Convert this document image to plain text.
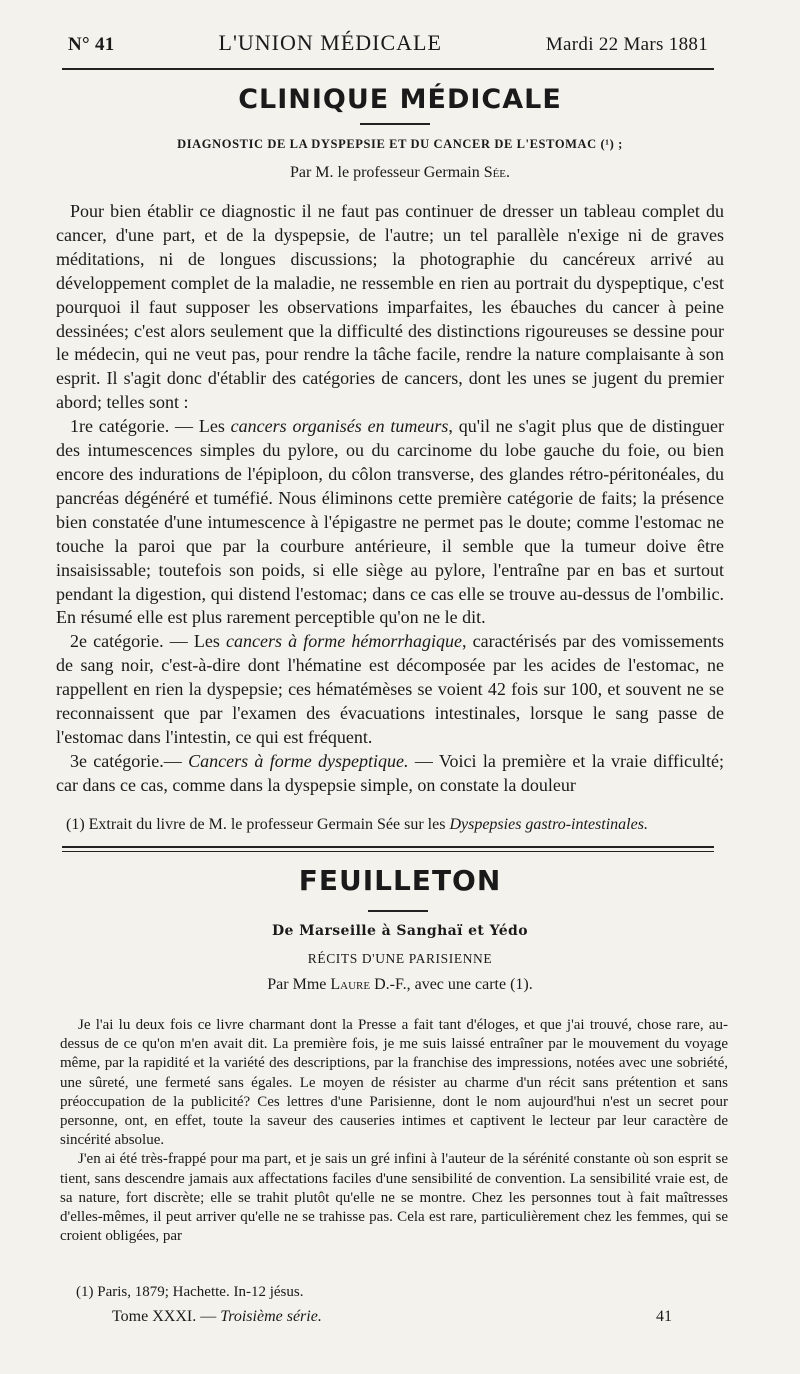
N° 41	L'UNION MÉDICALE	Mardi 22 Mars 1881
CLINIQUE MÉDICALE
DIAGNOSTIC DE LA DYSPEPSIE ET DU CANCER DE L'ESTOMAC (¹) ;
Par M. le professeur Germain Sée.

Pour bien établir ce diagnostic il ne faut pas continuer de dresser un tableau complet du cancer, d'une part, et de la dyspepsie, de l'autre; un tel parallèle n'exige ni de graves méditations, ni de longues discussions; la photographie du cancéreux arrivé au développement complet de la maladie, ne ressemble en rien au portrait du dyspeptique, c'est pourquoi il faut supposer les observations imparfaites, les ébauches du cancer à peine dessinées; c'est alors seulement que la difficulté des distinctions rigoureuses se dessine pour le médecin, qui ne veut pas, pour rendre la tâche facile, rendre la nature complaisante à son esprit. Il s'agit donc d'établir des catégories de cancers, dont les unes se jugent du premier abord; telles sont :

1re catégorie. — Les cancers organisés en tumeurs, qu'il ne s'agit plus que de distinguer des intumescences simples du pylore, ou du carcinome du lobe gauche du foie, ou bien encore des indurations de l'épiploon, du côlon transverse, des glandes rétro-péritonéales, du pancréas dégénéré et tuméfié. Nous éliminons cette première catégorie de faits; la présence bien constatée d'une intumescence à l'épigastre ne permet pas le doute; comme l'estomac ne touche la paroi que par la courbure antérieure, il semble que la tumeur doive être insaisissable; toutefois son poids, si elle siège au pylore, l'entraîne par en bas et surtout pendant la digestion, qui distend l'estomac; dans ce cas elle se trouve au-dessus de l'ombilic. En résumé elle est plus rarement perceptible qu'on ne le dit.

2e catégorie. — Les cancers à forme hémorrhagique, caractérisés par des vomissements de sang noir, c'est-à-dire dont l'hématine est décomposée par les acides de l'estomac, ne rappellent en rien la dyspepsie; ces hématémèses se voient 42 fois sur 100, et souvent ne se reconnaissent que par l'examen des évacuations intestinales, lorsque le sang passe de l'estomac dans l'intestin, ce qui est fréquent.

3e catégorie.— Cancers à forme dyspeptique. — Voici la première et la vraie difficulté; car dans ce cas, comme dans la dyspepsie simple, on constate la douleur

(1) Extrait du livre de M. le professeur Germain Sée sur les Dyspepsies gastro-intestinales.
FEUILLETON
De Marseille à Sanghaï et Yédo
RÉCITS D'UNE PARISIENNE
Par Mme Laure D.-F., avec une carte (1).

Je l'ai lu deux fois ce livre charmant dont la Presse a fait tant d'éloges, et que j'ai trouvé, chose rare, au-dessus de ce qu'on m'en avait dit. La première fois, je me suis laissé entraîner par le mouvement du voyage même, par la rapidité et la variété des descriptions, par la franchise des impressions, notées avec une sobriété, une sûreté, une fermeté sans égales. Le moyen de résister au charme d'un récit sans prétention et sans préoccupation de la publicité? Ces lettres d'une Parisienne, dont le nom aujourd'hui n'est un secret pour personne, ont, en effet, toute la saveur des causeries intimes et captivent le lecteur par leur caractère de sincérité absolue.

J'en ai été très-frappé pour ma part, et je sais un gré infini à l'auteur de la sérénité constante où son esprit se tient, sans descendre jamais aux affectations faciles d'une sensibilité de convention. La sensibilité vraie est, de sa nature, fort discrète; elle se trahit plutôt qu'elle ne se montre. Chez les personnes tout à fait maîtresses d'elles-mêmes, il peut arriver qu'elle ne se trahisse pas. Cela est rare, particulièrement chez les femmes, qui se croient obligées, par

(1) Paris, 1879; Hachette. In-12 jésus.
Tome XXXI. — Troisième série.	41
